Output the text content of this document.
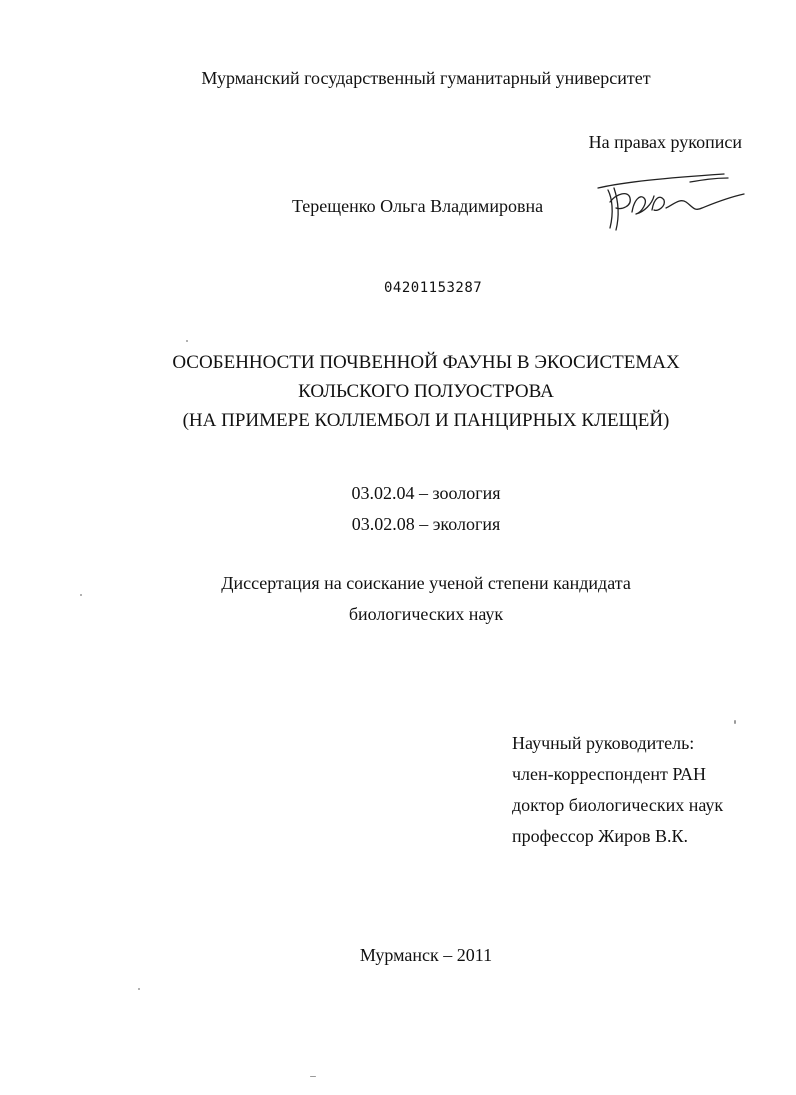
Мурманский государственный гуманитарный университет
На правах рукописи
Терещенко Ольга Владимировна
04201153287
ОСОБЕННОСТИ ПОЧВЕННОЙ ФАУНЫ В ЭКОСИСТЕМАХ
КОЛЬСКОГО ПОЛУОСТРОВА
(НА ПРИМЕРЕ КОЛЛЕМБОЛ И ПАНЦИРНЫХ КЛЕЩЕЙ)
03.02.04 – зоология
03.02.08 – экология
Диссертация на соискание ученой степени кандидата
биологических наук
Научный руководитель:
член-корреспондент РАН
доктор биологических наук
профессор Жиров В.К.
Мурманск – 2011
